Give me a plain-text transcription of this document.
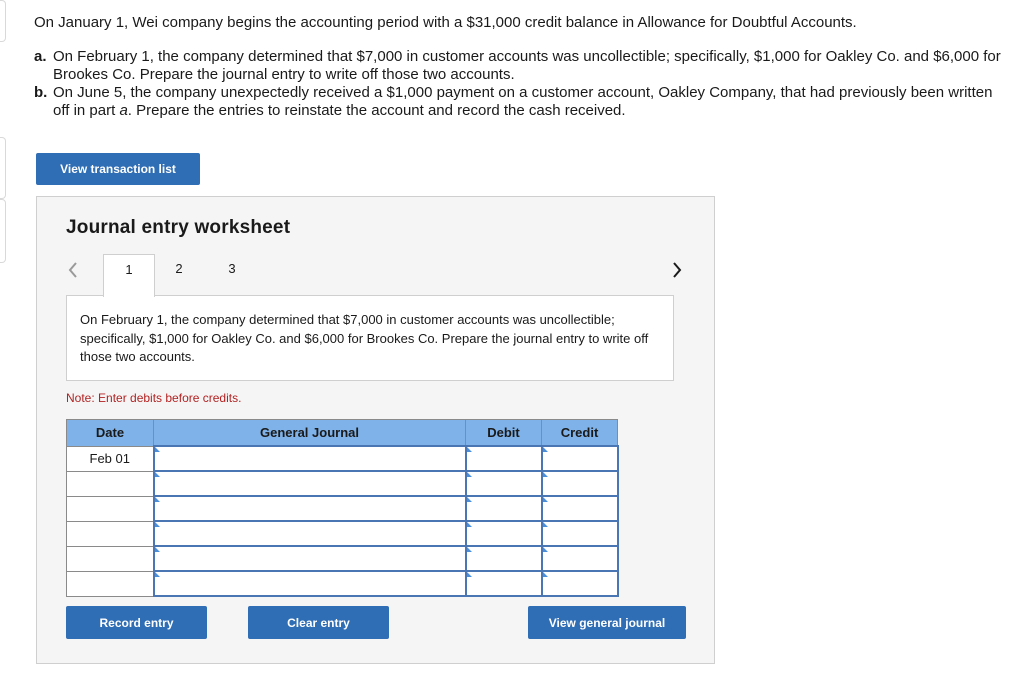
On January 1, Wei company begins the accounting period with a $31,000 credit balance in Allowance for Doubtful Accounts.

a. On February 1, the company determined that $7,000 in customer accounts was uncollectible; specifically, $1,000 for Oakley Co. and $6,000 for Brookes Co. Prepare the journal entry to write off those two accounts.
b. On June 5, the company unexpectedly received a $1,000 payment on a customer account, Oakley Company, that had previously been written off in part a. Prepare the entries to reinstate the account and record the cash received.
View transaction list
Journal entry worksheet
1	2	3
On February 1, the company determined that $7,000 in customer accounts was uncollectible; specifically, $1,000 for Oakley Co. and $6,000 for Brookes Co. Prepare the journal entry to write off those two accounts.
Note: Enter debits before credits.
Date	General Journal	Debit	Credit
Feb 01			

Record entry	Clear entry	View general journal
